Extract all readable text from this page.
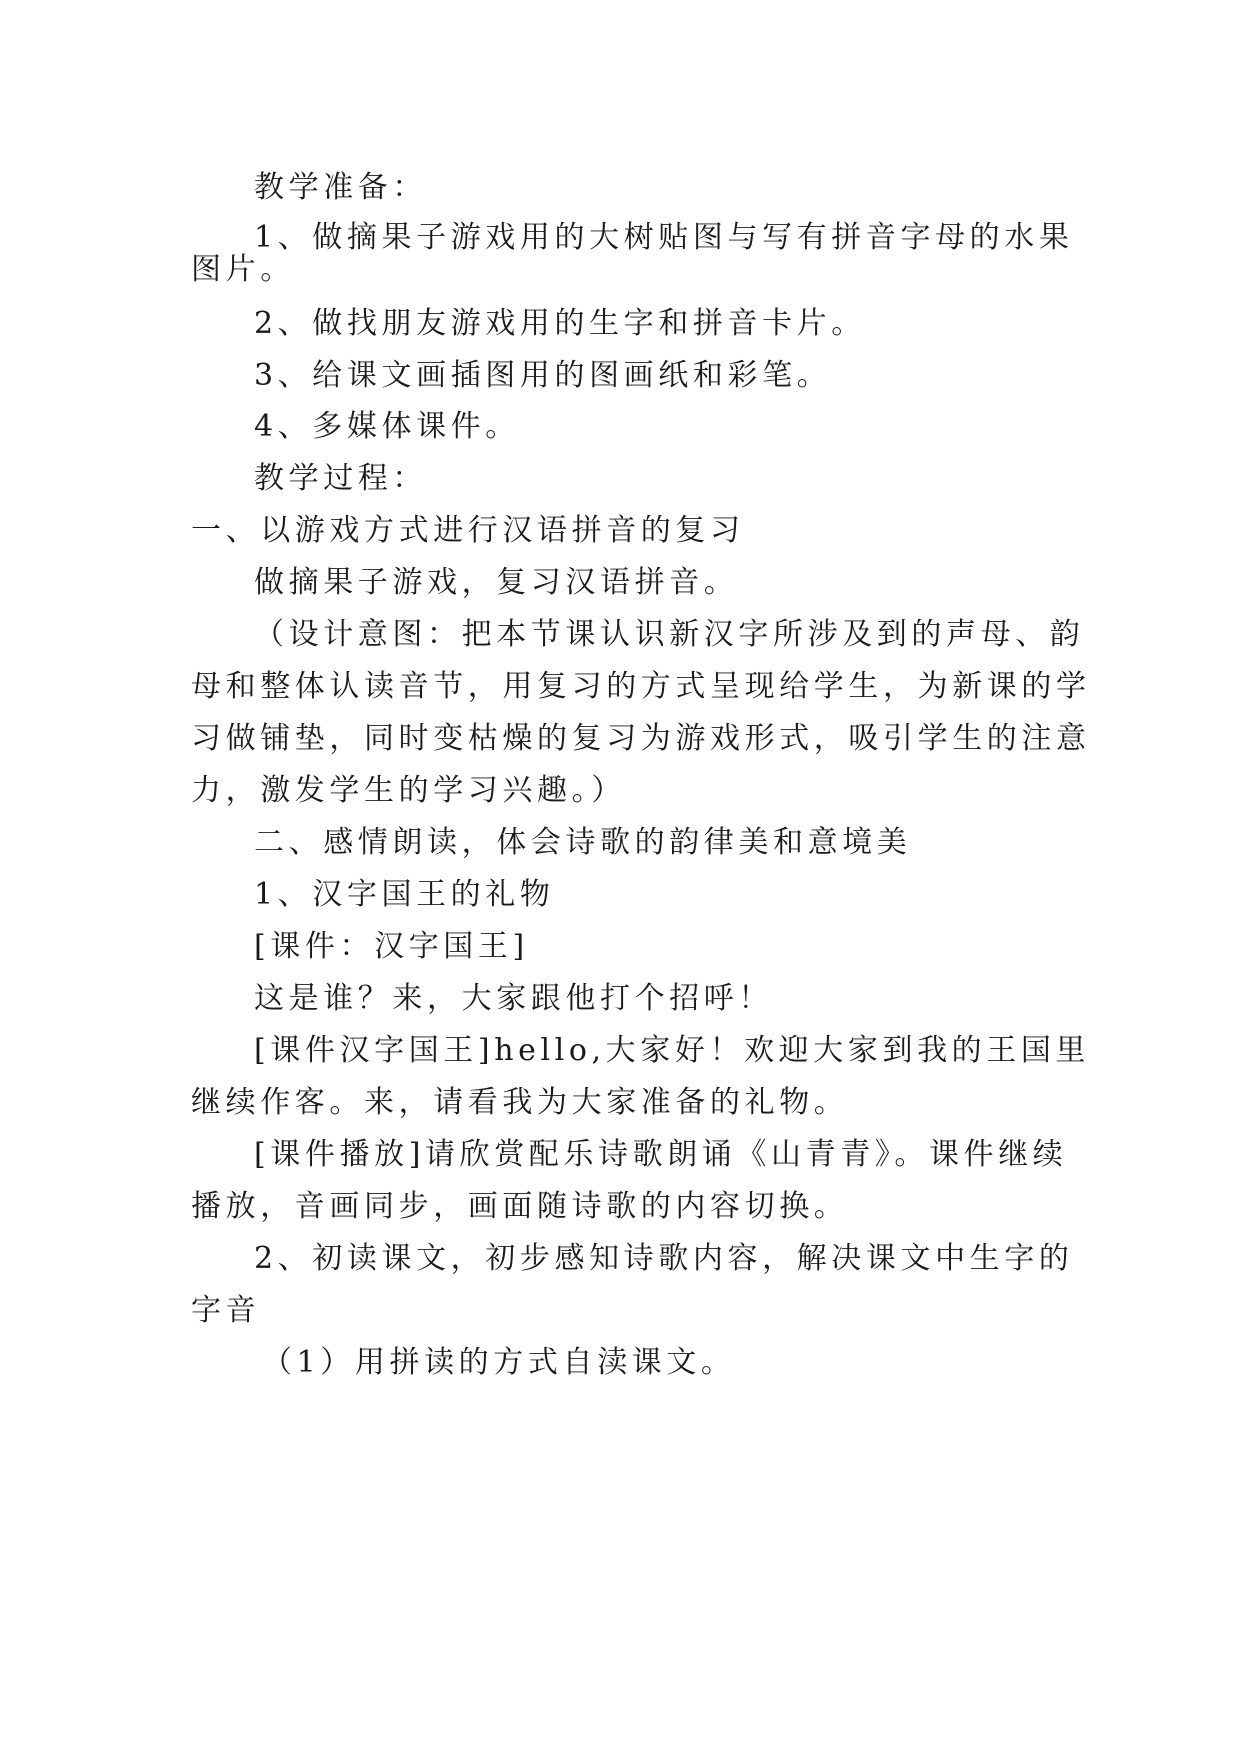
教学准备：
1、做摘果子游戏用的大树贴图与写有拼音字母的水果
图片。
2、做找朋友游戏用的生字和拼音卡片。
3、给课文画插图用的图画纸和彩笔。
4、多媒体课件。
教学过程：
一、以游戏方式进行汉语拼音的复习
做摘果子游戏，复习汉语拼音。
（设计意图：把本节课认识新汉字所涉及到的声母、韵
母和整体认读音节，用复习的方式呈现给学生，为新课的学
习做铺垫，同时变枯燥的复习为游戏形式，吸引学生的注意
力，激发学生的学习兴趣。）
二、感情朗读，体会诗歌的韵律美和意境美
1、汉字国王的礼物
[课件：汉字国王]
这是谁？来，大家跟他打个招呼！
[课件汉字国王]hello,大家好！欢迎大家到我的王国里
继续作客。来，请看我为大家准备的礼物。
[课件播放]请欣赏配乐诗歌朗诵《山青青》。课件继续
播放，音画同步，画面随诗歌的内容切换。
2、初读课文，初步感知诗歌内容，解决课文中生字的
字音
（1）用拼读的方式自渎课文。
